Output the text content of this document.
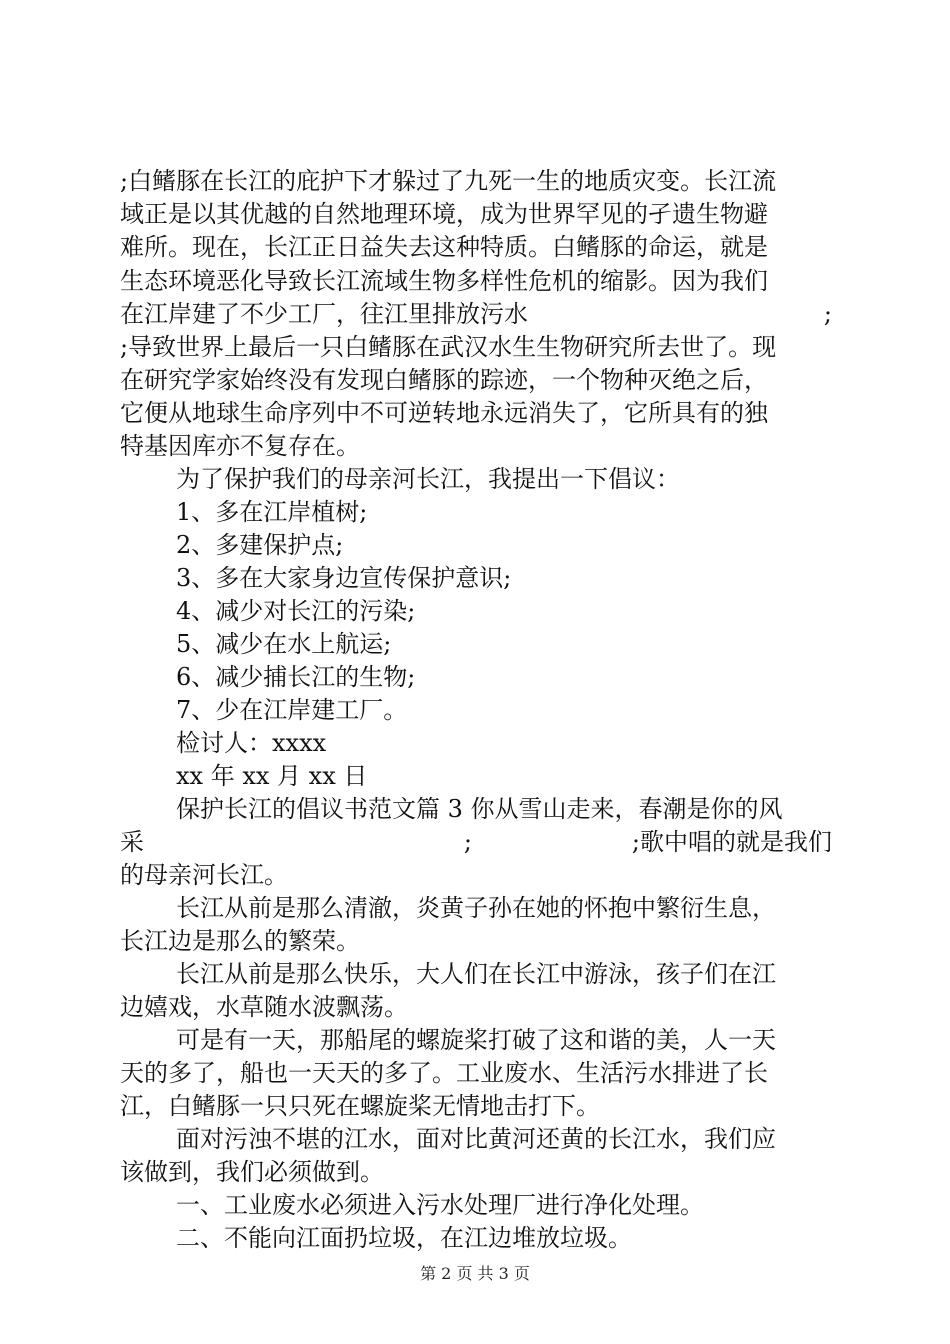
;白鳍豚在长江的庇护下才躲过了九死一生的地质灾变。长江流
域正是以其优越的自然地理环境，成为世界罕见的孑遗生物避
难所。现在，长江正日益失去这种特质。白鳍豚的命运，就是
生态环境恶化导致长江流域生物多样性危机的缩影。因为我们
在江岸建了不少工厂，往江里排放污水	;
;导致世界上最后一只白鳍豚在武汉水生生物研究所去世了。现
在研究学家始终没有发现白鳍豚的踪迹，一个物种灭绝之后，
它便从地球生命序列中不可逆转地永远消失了，它所具有的独
特基因库亦不复存在。
为了保护我们的母亲河长江，我提出一下倡议：
1、多在江岸植树;
2、多建保护点;
3、多在大家身边宣传保护意识;
4、减少对长江的污染;
5、减少在水上航运;
6、减少捕长江的生物;
7、少在江岸建工厂。
检讨人：xxxx
xx 年 xx 月 xx 日
保护长江的倡议书范文篇 3 你从雪山走来，春潮是你的风
采	;	;歌中唱的就是我们
的母亲河长江。
长江从前是那么清澈，炎黄子孙在她的怀抱中繁衍生息，
长江边是那么的繁荣。
长江从前是那么快乐，大人们在长江中游泳，孩子们在江
边嬉戏，水草随水波飘荡。
可是有一天，那船尾的螺旋桨打破了这和谐的美，人一天
天的多了，船也一天天的多了。工业废水、生活污水排进了长
江，白鳍豚一只只死在螺旋桨无情地击打下。
面对污浊不堪的江水，面对比黄河还黄的长江水，我们应
该做到，我们必须做到。
一、工业废水必须进入污水处理厂进行净化处理。
二、不能向江面扔垃圾，在江边堆放垃圾。
第 2 页 共 3 页
